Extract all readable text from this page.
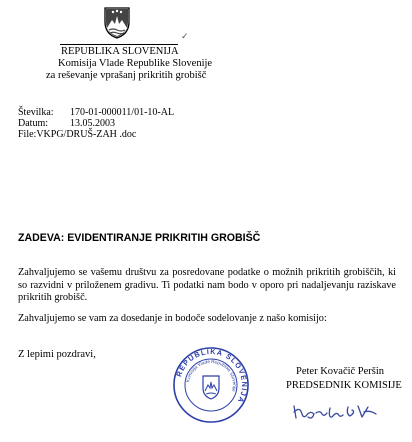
✓
REPUBLIKA SLOVENIJA
Komisija Vlade Republike Slovenije
za reševanje vprašanj prikritih grobišč
Številka: 170-01-000011/01-10-AL
Datum: 13.05.2003
File:VKPG/DRUŠ-ZAH .doc
ZADEVA: EVIDENTIRANJE PRIKRITIH GROBIŠČ
Zahvaljujemo se vašemu društvu za posredovane podatke o možnih prikritih grobiščih, ki so razvidni v priloženem gradivu. Ti podatki nam bodo v oporo pri nadaljevanju raziskave prikritih grobišč.
Zahvaljujemo se vam za dosedanje in bodoče sodelovanje z našo komisijo:
Z lepimi pozdravi,
REPUBLIKA SLOVENIJA
Komisija Vlade Republike Slovenije
Peter Kovačič Peršin
PREDSEDNIK KOMISIJE
